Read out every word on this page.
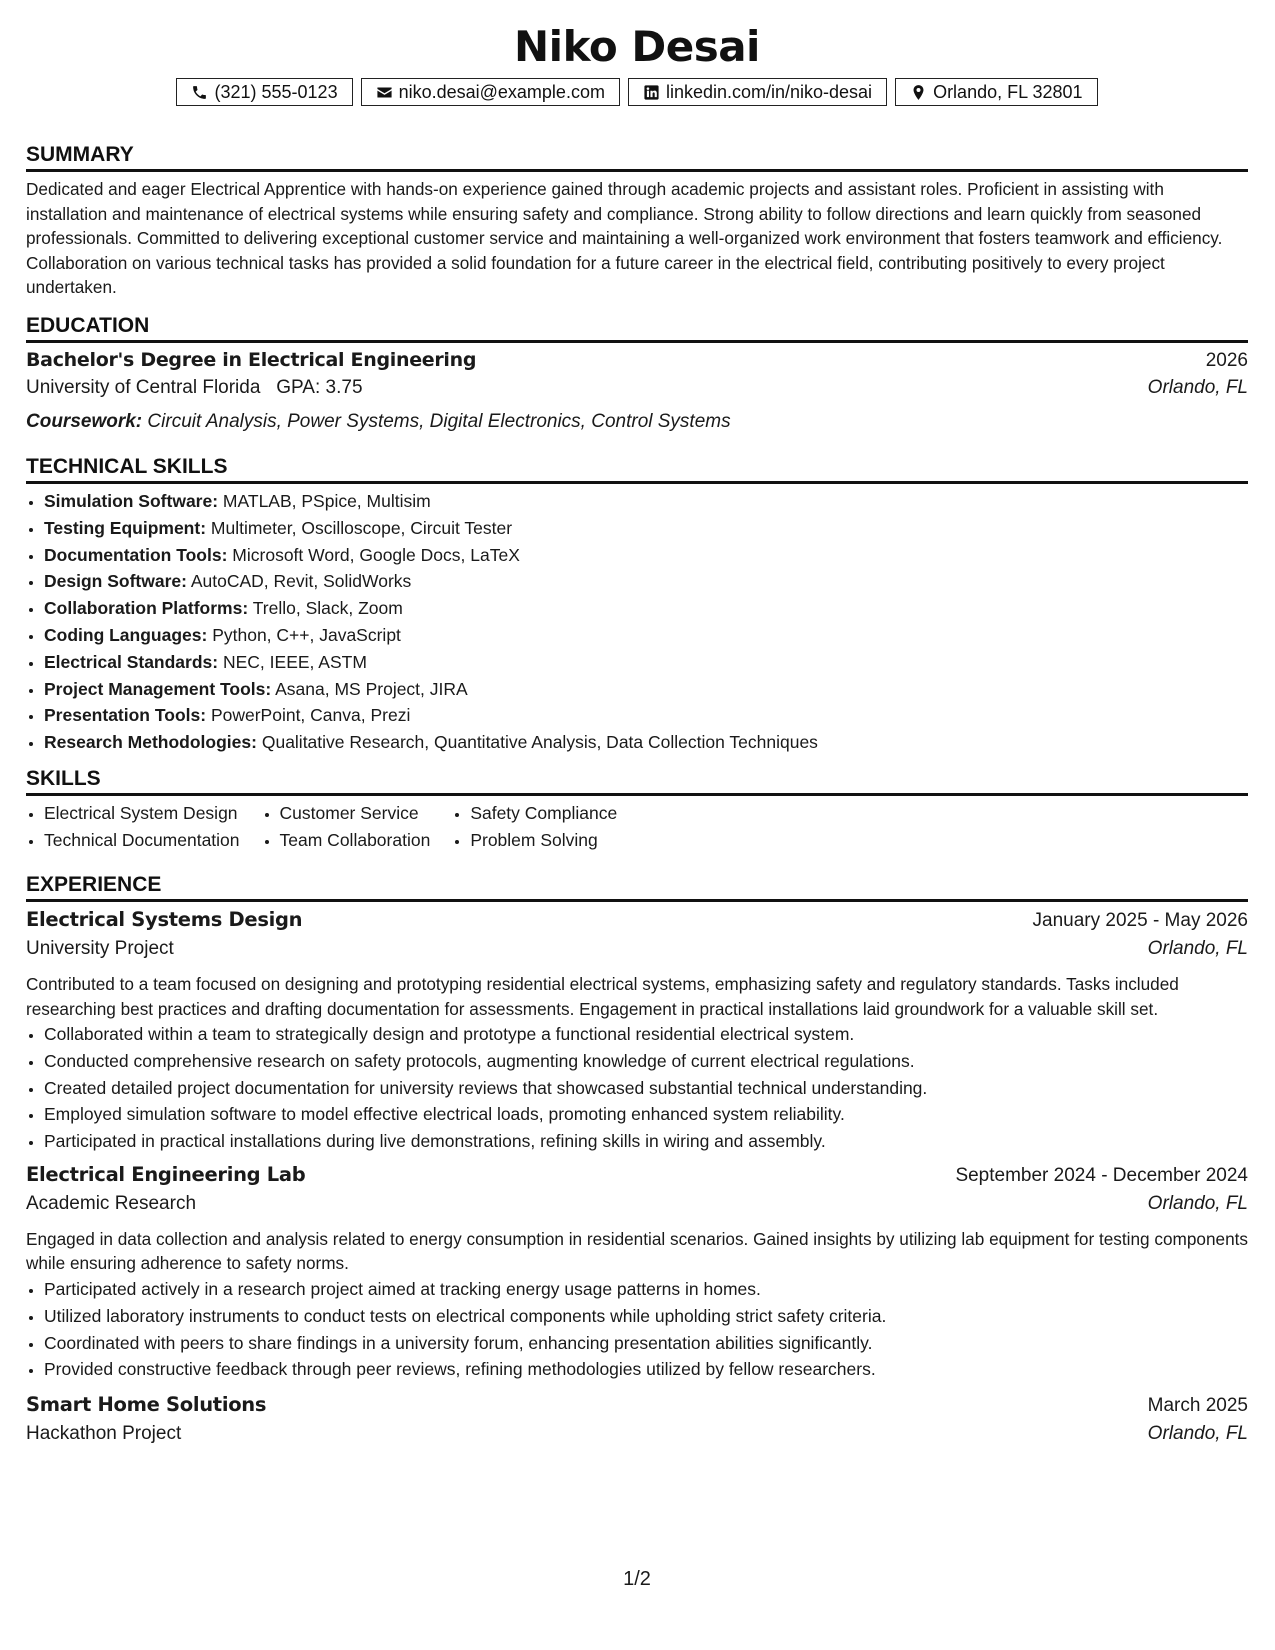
Niko Desai
(321) 555-0123	niko.desai@example.com	linkedin.com/in/niko-desai	Orlando, FL 32801
SUMMARY

Dedicated and eager Electrical Apprentice with hands-on experience gained through academic projects and assistant roles. Proficient in assisting with installation and maintenance of electrical systems while ensuring safety and compliance. Strong ability to follow directions and learn quickly from seasoned professionals. Committed to delivering exceptional customer service and maintaining a well-organized work environment that fosters teamwork and efficiency. Collaboration on various technical tasks has provided a solid foundation for a future career in the electrical field, contributing positively to every project undertaken.

EDUCATION
Bachelor's Degree in Electrical Engineering	2026
University of Central Florida GPA: 3.75	Orlando, FL
Coursework: Circuit Analysis, Power Systems, Digital Electronics, Control Systems
TECHNICAL SKILLS
• Simulation Software: MATLAB, PSpice, Multisim
• Testing Equipment: Multimeter, Oscilloscope, Circuit Tester
• Documentation Tools: Microsoft Word, Google Docs, LaTeX
• Design Software: AutoCAD, Revit, SolidWorks
• Collaboration Platforms: Trello, Slack, Zoom
• Coding Languages: Python, C++, JavaScript
• Electrical Standards: NEC, IEEE, ASTM
• Project Management Tools: Asana, MS Project, JIRA
• Presentation Tools: PowerPoint, Canva, Prezi
• Research Methodologies: Qualitative Research, Quantitative Analysis, Data Collection Techniques
SKILLS
• Electrical System Design
• Technical Documentation
• Customer Service
• Team Collaboration
• Safety Compliance
• Problem Solving
EXPERIENCE
Electrical Systems Design	January 2025 - May 2026
University Project	Orlando, FL

Contributed to a team focused on designing and prototyping residential electrical systems, emphasizing safety and regulatory standards. Tasks included researching best practices and drafting documentation for assessments. Engagement in practical installations laid groundwork for a valuable skill set.

• Collaborated within a team to strategically design and prototype a functional residential electrical system.
• Conducted comprehensive research on safety protocols, augmenting knowledge of current electrical regulations.
• Created detailed project documentation for university reviews that showcased substantial technical understanding.
• Employed simulation software to model effective electrical loads, promoting enhanced system reliability.
• Participated in practical installations during live demonstrations, refining skills in wiring and assembly.
Electrical Engineering Lab	September 2024 - December 2024
Academic Research	Orlando, FL

Engaged in data collection and analysis related to energy consumption in residential scenarios. Gained insights by utilizing lab equipment for testing components while ensuring adherence to safety norms.

• Participated actively in a research project aimed at tracking energy usage patterns in homes.
• Utilized laboratory instruments to conduct tests on electrical components while upholding strict safety criteria.
• Coordinated with peers to share findings in a university forum, enhancing presentation abilities significantly.
• Provided constructive feedback through peer reviews, refining methodologies utilized by fellow researchers.
Smart Home Solutions	March 2025
Hackathon Project	Orlando, FL
1/2
